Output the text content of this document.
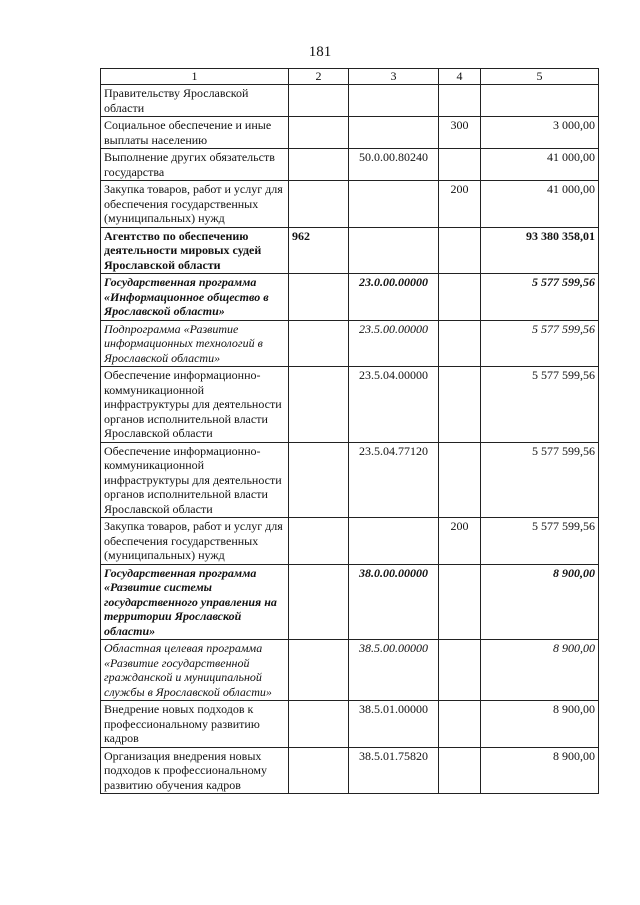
181
1	2	3	4	5
Правительству Ярославской области				
Социальное обеспечение и иные выплаты населению			300	3 000,00
Выполнение других обязательств государства		50.0.00.80240		41 000,00
Закупка товаров, работ и услуг для обеспечения государственных (муниципальных) нужд			200	41 000,00
Агентство по обеспечению деятельности мировых судей Ярославской области	962			93 380 358,01
Государственная программа «Информационное общество в Ярославской области»		23.0.00.00000		5 577 599,56
Подпрограмма «Развитие информационных технологий в Ярославской области»		23.5.00.00000		5 577 599,56
Обеспечение информационно-коммуникационной инфраструктуры для деятельности органов исполнительной власти Ярославской области		23.5.04.00000		5 577 599,56
Обеспечение информационно-коммуникационной инфраструктуры для деятельности органов исполнительной власти Ярославской области		23.5.04.77120		5 577 599,56
Закупка товаров, работ и услуг для обеспечения государственных (муниципальных) нужд			200	5 577 599,56
Государственная программа «Развитие системы государственного управления на территории Ярославской области»		38.0.00.00000		8 900,00
Областная целевая программа «Развитие государственной гражданской и муниципальной службы в Ярославской области»		38.5.00.00000		8 900,00
Внедрение новых подходов к профессиональному развитию кадров		38.5.01.00000		8 900,00
Организация внедрения новых подходов к профессиональному развитию обучения кадров		38.5.01.75820		8 900,00
